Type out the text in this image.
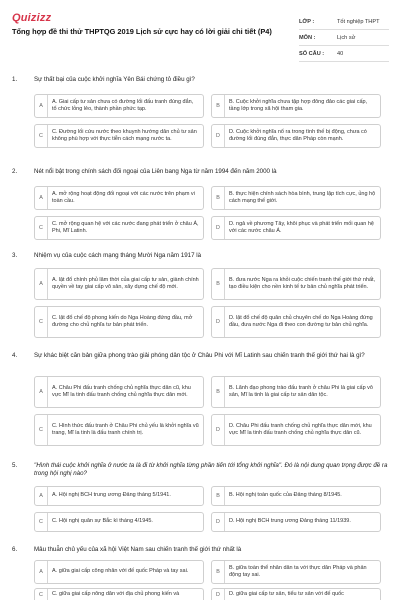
Quizizz
Tổng hợp đề thi thử THPTQG 2019 Lịch sử cực hay có lời giải chi tiết (P4)
LỚP :	Tốt nghiệp THPT
MÔN :	Lịch sử
SỐ CÂU :	40
1.	Sự thất bại của cuộc khởi nghĩa Yên Bái chứng tỏ điều gì?
A
A. Giai cấp tư sản chưa có đường lối đấu tranh đúng đắn, tổ chức lỏng lẻo, thành phần phức tạp.	B
B. Cuộc khởi nghĩa chưa tập hợp đông đảo các giai cấp, tầng lớp trong xã hội tham gia.
C
C. Đường lối cứu nước theo khuynh hướng dân chủ tư sản không phù hợp với thực tiễn cách mạng nước ta.	D
D. Cuộc khởi nghĩa nổ ra trong tình thế bị động, chưa có đường lối đúng đắn, thực dân Pháp còn mạnh.
2.	Nét nổi bật trong chính sách đối ngoại của Liên bang Nga từ năm 1994 đến năm 2000 là
A
A. mở rộng hoạt động đối ngoại với các nước trên phạm vi toàn cầu.	B
B. thực hiện chính sách hòa bình, trung lập tích cực, ủng hộ cách mạng thế giới.
C
C. mở rộng quan hệ với các nước đang phát triển ở châu Á, Phi, Mĩ Latinh.	D
D. ngả về phương Tây, khôi phục và phát triển mối quan hệ với các nước châu Á.
3.	Nhiệm vụ của cuộc cách mạng tháng Mười Nga năm 1917 là
A
A. lật đổ chính phủ lâm thời của giai cấp tư sản, giành chính quyền về tay giai cấp vô sản, xây dựng chế độ mới.	B
B. đưa nước Nga ra khỏi cuộc chiến tranh thế giới thứ nhất, tạo điều kiện cho nền kinh tế tư bản chủ nghĩa phát triển.
C
C. lật đổ chế độ phong kiến do Nga Hoàng đứng đầu, mở đường cho chủ nghĩa tư bản phát triển.	D
D. lật đổ chế độ quân chủ chuyên chế do Nga Hoàng đứng đầu, đưa nước Nga đi theo con đường tư bản chủ nghĩa.
4.	Sự khác biệt căn bản giữa phong trào giải phóng dân tộc ở Châu Phi với Mĩ Latinh sau chiến tranh thế giới thứ hai là gì?
A
A. Châu Phi đấu tranh chống chủ nghĩa thực dân cũ, khu vực Mĩ la tinh đấu tranh chống chủ nghĩa thực dân mới.	B
B. Lãnh đạo phong trào đấu tranh ở châu Phi là giai cấp vô sản, Mĩ la tinh là giai cấp tư sản dân tộc.
C
C. Hình thức đấu tranh ở Châu Phi chủ yếu là khởi nghĩa vũ trang, Mĩ la tinh là đấu tranh chính trị.	D
D. Châu Phi đấu tranh chống chủ nghĩa thực dân mới, khu vực Mĩ la tinh đấu tranh chống chủ nghĩa thực dân cũ.
5.	"Hình thái cuộc khởi nghĩa ở nước ta là đi từ khởi nghĩa từng phần tiến tới tổng khởi nghĩa". Đó là nội dung quan trọng được đề ra trong hội nghị nào?
A	A. Hội nghị BCH trung ương Đảng tháng 5/1941.	B	B. Hội nghị toàn quốc của Đảng tháng 8/1945.
C	C. Hội nghị quân sự Bắc kì tháng 4/1945.	D	D. Hội nghị BCH trung ương Đảng tháng 11/1939.
6.	Mâu thuẫn chủ yếu của xã hội Việt Nam sau chiến tranh thế giới thứ nhất là
A	A. giữa giai cấp công nhân với đế quốc Pháp và tay sai.	B
B. giữa toàn thể nhân dân ta với thực dân Pháp và phản động tay sai.
C	C. giữa giai cấp nông dân với địa chủ phong kiến và	D	D. giữa giai cấp tư sản, tiểu tư sản với đế quốc
